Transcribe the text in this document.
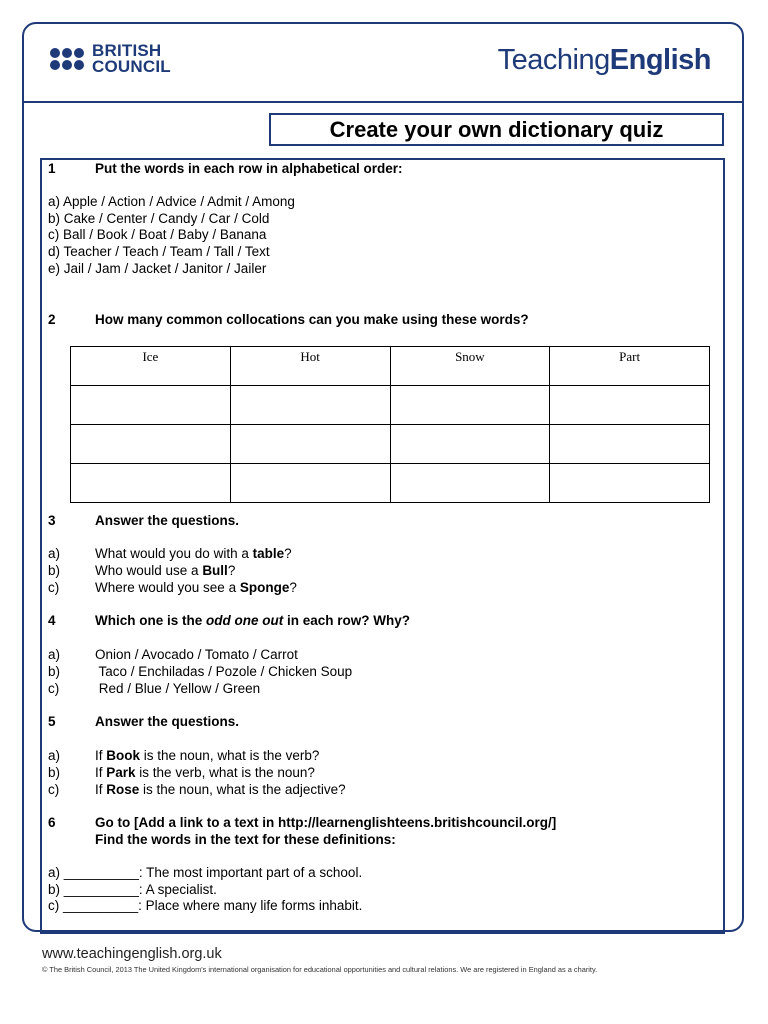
BRITISH
COUNCIL	TeachingEnglish
Create your own dictionary quiz
1	Put the words in each row in alphabetical order:
a) Apple / Action / Advice / Admit / Among
b) Cake / Center / Candy / Car / Cold
c) Ball / Book / Boat / Baby / Banana
d) Teacher / Teach / Team / Tall / Text
e) Jail / Jam / Jacket / Janitor / Jailer
2	How many common collocations can you make using these words?
Ice	Hot	Snow	Part

3	Answer the questions.
a)	What would you do with a table?
b)	Who would use a Bull?
c)	Where would you see a Sponge?
4	Which one is the odd one out in each row? Why?
a)	Onion / Avocado / Tomato / Carrot
b)	Taco / Enchiladas / Pozole / Chicken Soup
c)	Red / Blue / Yellow / Green
5	Answer the questions.
a)	If Book is the noun, what is the verb?
b)	If Park is the verb, what is the noun?
c)	If Rose is the noun, what is the adjective?
6	Go to [Add a link to a text in http://learnenglishteens.britishcouncil.org/]
Find the words in the text for these definitions:
a) __________: The most important part of a school.
b) __________: A specialist.
c) __________: Place where many life forms inhabit.
www.teachingenglish.org.uk
© The British Council, 2013 The United Kingdom's international organisation for educational opportunities and cultural relations. We are registered in England as a charity.
